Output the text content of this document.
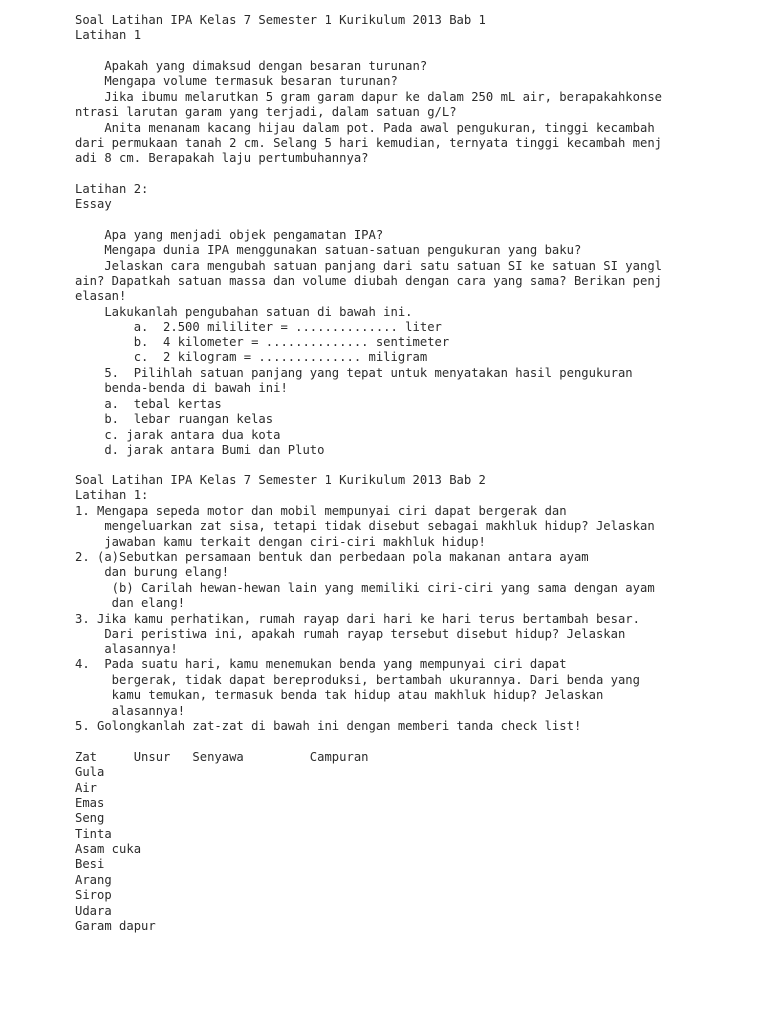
Soal Latihan IPA Kelas 7 Semester 1 Kurikulum 2013 Bab 1
Latihan 1
Apakah yang dimaksud dengan besaran turunan?
Mengapa volume termasuk besaran turunan?
Jika ibumu melarutkan 5 gram garam dapur ke dalam 250 mL air, berapakahkonse
ntrasi larutan garam yang terjadi, dalam satuan g/L?
Anita menanam kacang hijau dalam pot. Pada awal pengukuran, tinggi kecambah
dari permukaan tanah 2 cm. Selang 5 hari kemudian, ternyata tinggi kecambah menj
adi 8 cm. Berapakah laju pertumbuhannya?
Latihan 2:
Essay
Apa yang menjadi objek pengamatan IPA?
Mengapa dunia IPA menggunakan satuan-satuan pengukuran yang baku?
Jelaskan cara mengubah satuan panjang dari satu satuan SI ke satuan SI yangl
ain? Dapatkah satuan massa dan volume diubah dengan cara yang sama? Berikan penj
elasan!
Lakukanlah pengubahan satuan di bawah ini.
a.  2.500 mililiter = .............. liter
b.  4 kilometer = .............. sentimeter
c.  2 kilogram = .............. miligram
5.  Pilihlah satuan panjang yang tepat untuk menyatakan hasil pengukuran
benda-benda di bawah ini!
a.  tebal kertas
b.  lebar ruangan kelas
c. jarak antara dua kota
d. jarak antara Bumi dan Pluto
Soal Latihan IPA Kelas 7 Semester 1 Kurikulum 2013 Bab 2
Latihan 1:
1. Mengapa sepeda motor dan mobil mempunyai ciri dapat bergerak dan
mengeluarkan zat sisa, tetapi tidak disebut sebagai makhluk hidup? Jelaskan
jawaban kamu terkait dengan ciri-ciri makhluk hidup!
2. (a)Sebutkan persamaan bentuk dan perbedaan pola makanan antara ayam
dan burung elang!
(b) Carilah hewan-hewan lain yang memiliki ciri-ciri yang sama dengan ayam
dan elang!
3. Jika kamu perhatikan, rumah rayap dari hari ke hari terus bertambah besar.
Dari peristiwa ini, apakah rumah rayap tersebut disebut hidup? Jelaskan
alasannya!
4.  Pada suatu hari, kamu menemukan benda yang mempunyai ciri dapat
bergerak, tidak dapat bereproduksi, bertambah ukurannya. Dari benda yang
kamu temukan, termasuk benda tak hidup atau makhluk hidup? Jelaskan
alasannya!
5. Golongkanlah zat-zat di bawah ini dengan memberi tanda check list!
Zat     Unsur   Senyawa         Campuran
Gula
Air
Emas
Seng
Tinta
Asam cuka
Besi
Arang
Sirop
Udara
Garam dapur
